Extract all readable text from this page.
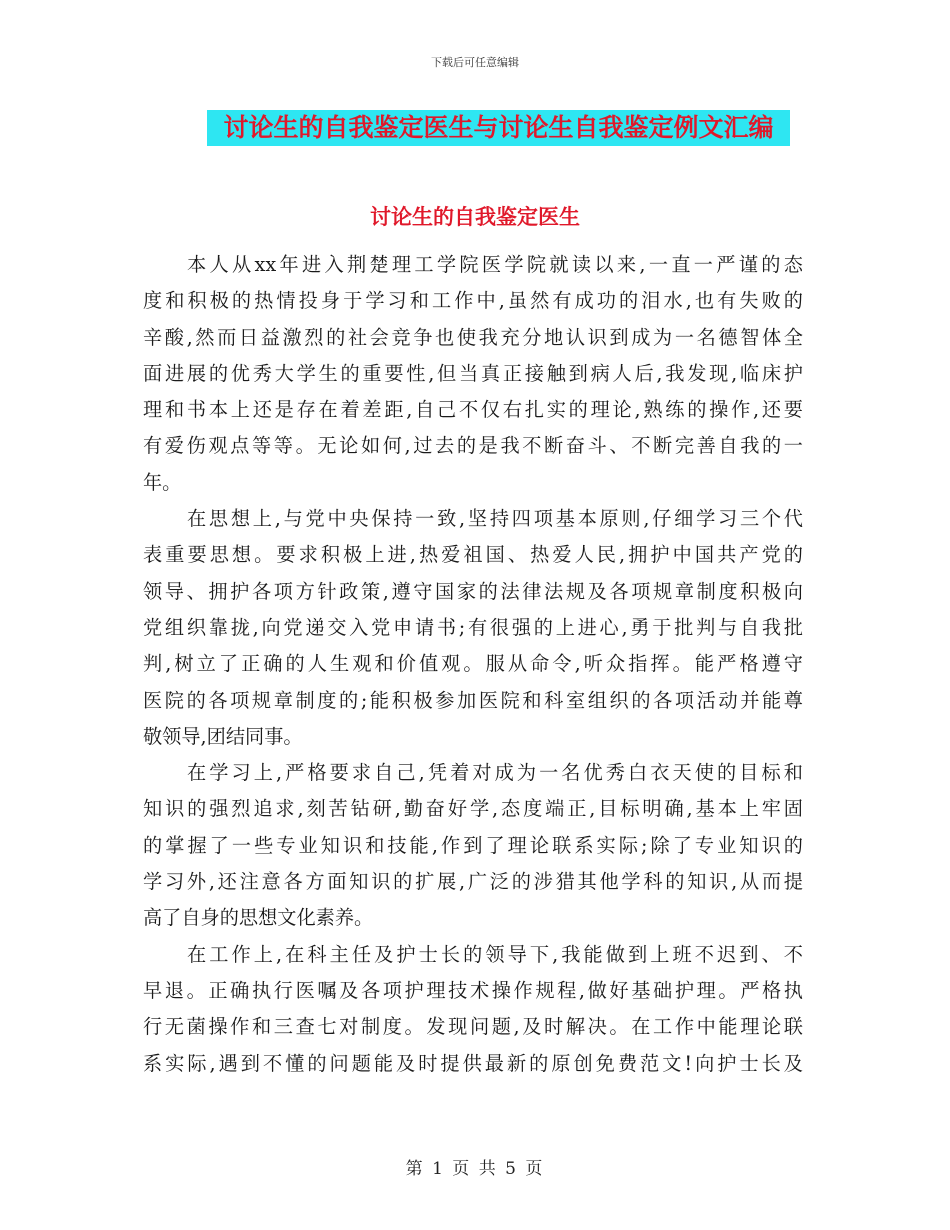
下载后可任意编辑
讨论生的自我鉴定医生与讨论生自我鉴定例文汇编
讨论生的自我鉴定医生
本人从xx年进入荆楚理工学院医学院就读以来,一直一严谨的态
度和积极的热情投身于学习和工作中,虽然有成功的泪水,也有失败的
辛酸,然而日益激烈的社会竞争也使我充分地认识到成为一名德智体全
面进展的优秀大学生的重要性,但当真正接触到病人后,我发现,临床护
理和书本上还是存在着差距,自己不仅右扎实的理论,熟练的操作,还要
有爱伤观点等等。无论如何,过去的是我不断奋斗、不断完善自我的一
年。
在思想上,与党中央保持一致,坚持四项基本原则,仔细学习三个代
表重要思想。要求积极上进,热爱祖国、热爱人民,拥护中国共产党的
领导、拥护各项方针政策,遵守国家的法律法规及各项规章制度积极向
党组织靠拢,向党递交入党申请书;有很强的上进心,勇于批判与自我批
判,树立了正确的人生观和价值观。服从命令,听众指挥。能严格遵守
医院的各项规章制度的;能积极参加医院和科室组织的各项活动并能尊
敬领导,团结同事。
在学习上,严格要求自己,凭着对成为一名优秀白衣天使的目标和
知识的强烈追求,刻苦钻研,勤奋好学,态度端正,目标明确,基本上牢固
的掌握了一些专业知识和技能,作到了理论联系实际;除了专业知识的
学习外,还注意各方面知识的扩展,广泛的涉猎其他学科的知识,从而提
高了自身的思想文化素养。
在工作上,在科主任及护士长的领导下,我能做到上班不迟到、不
早退。正确执行医嘱及各项护理技术操作规程,做好基础护理。严格执
行无菌操作和三查七对制度。发现问题,及时解决。在工作中能理论联
系实际,遇到不懂的问题能及时提供最新的原创免费范文!向护士长及
第 1 页 共 5 页
